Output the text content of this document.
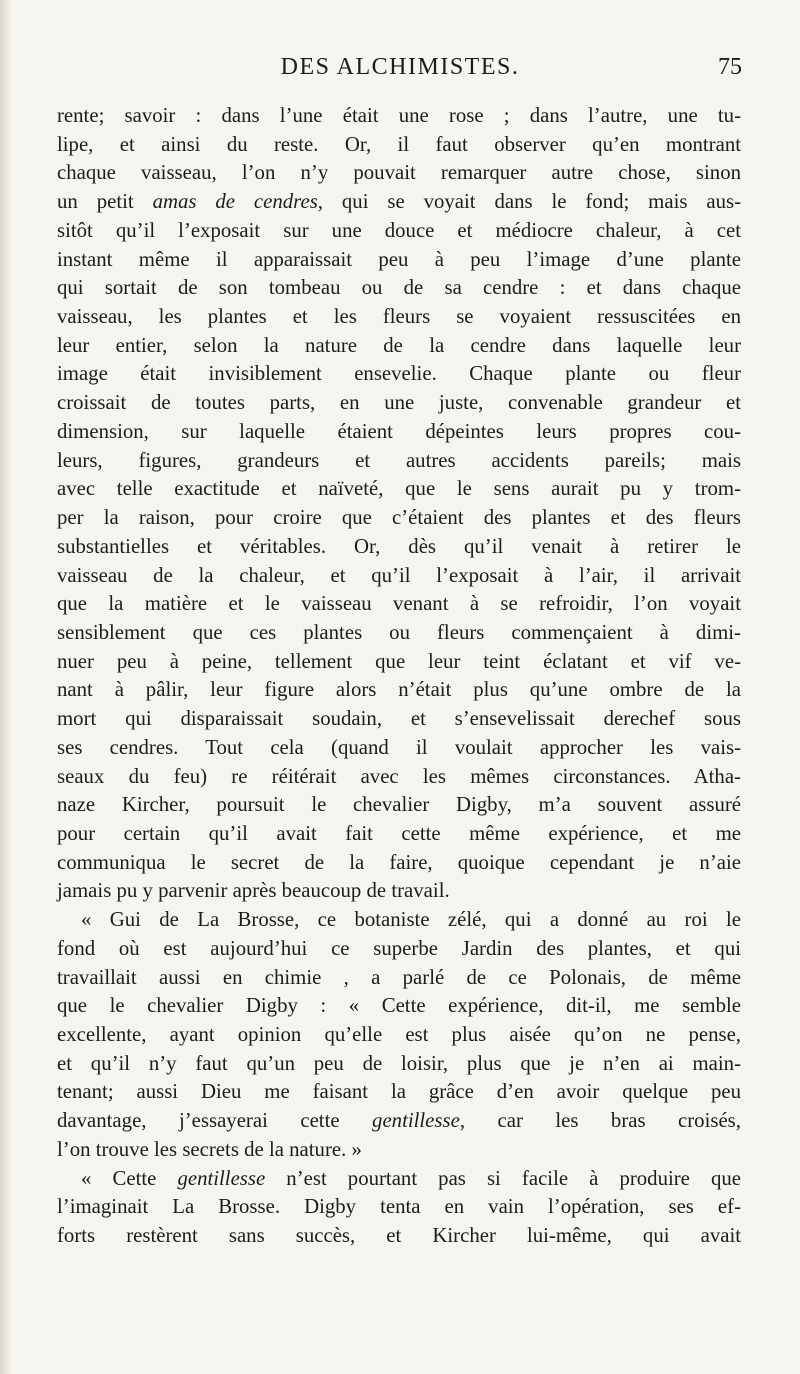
DES ALCHIMISTES.	75
rente; savoir : dans l’une était une rose ; dans l’autre, une tu-
lipe, et ainsi du reste. Or, il faut observer qu’en montrant
chaque vaisseau, l’on n’y pouvait remarquer autre chose, sinon
un petit amas de cendres, qui se voyait dans le fond; mais aus-
sitôt qu’il l’exposait sur une douce et médiocre chaleur, à cet
instant même il apparaissait peu à peu l’image d’une plante
qui sortait de son tombeau ou de sa cendre : et dans chaque
vaisseau, les plantes et les fleurs se voyaient ressuscitées en
leur entier, selon la nature de la cendre dans laquelle leur
image était invisiblement ensevelie. Chaque plante ou fleur
croissait de toutes parts, en une juste, convenable grandeur et
dimension, sur laquelle étaient dépeintes leurs propres cou-
leurs, figures, grandeurs et autres accidents pareils; mais
avec telle exactitude et naïveté, que le sens aurait pu y trom-
per la raison, pour croire que c’étaient des plantes et des fleurs
substantielles et véritables. Or, dès qu’il venait à retirer le
vaisseau de la chaleur, et qu’il l’exposait à l’air, il arrivait
que la matière et le vaisseau venant à se refroidir, l’on voyait
sensiblement que ces plantes ou fleurs commençaient à dimi-
nuer peu à peine, tellement que leur teint éclatant et vif ve-
nant à pâlir, leur figure alors n’était plus qu’une ombre de la
mort qui disparaissait soudain, et s’ensevelissait derechef sous
ses cendres. Tout cela (quand il voulait approcher les vais-
seaux du feu) re réitérait avec les mêmes circonstances. Atha-
naze Kircher, poursuit le chevalier Digby, m’a souvent assuré
pour certain qu’il avait fait cette même expérience, et me
communiqua le secret de la faire, quoique cependant je n’aie
jamais pu y parvenir après beaucoup de travail.
« Gui de La Brosse, ce botaniste zélé, qui a donné au roi le
fond où est aujourd’hui ce superbe Jardin des plantes, et qui
travaillait aussi en chimie , a parlé de ce Polonais, de même
que le chevalier Digby : « Cette expérience, dit-il, me semble
excellente, ayant opinion qu’elle est plus aisée qu’on ne pense,
et qu’il n’y faut qu’un peu de loisir, plus que je n’en ai main-
tenant; aussi Dieu me faisant la grâce d’en avoir quelque peu
davantage, j’essayerai cette gentillesse, car les bras croisés,
l’on trouve les secrets de la nature. »
« Cette gentillesse n’est pourtant pas si facile à produire que
l’imaginait La Brosse. Digby tenta en vain l’opération, ses ef-
forts restèrent sans succès, et Kircher lui-même, qui avait
